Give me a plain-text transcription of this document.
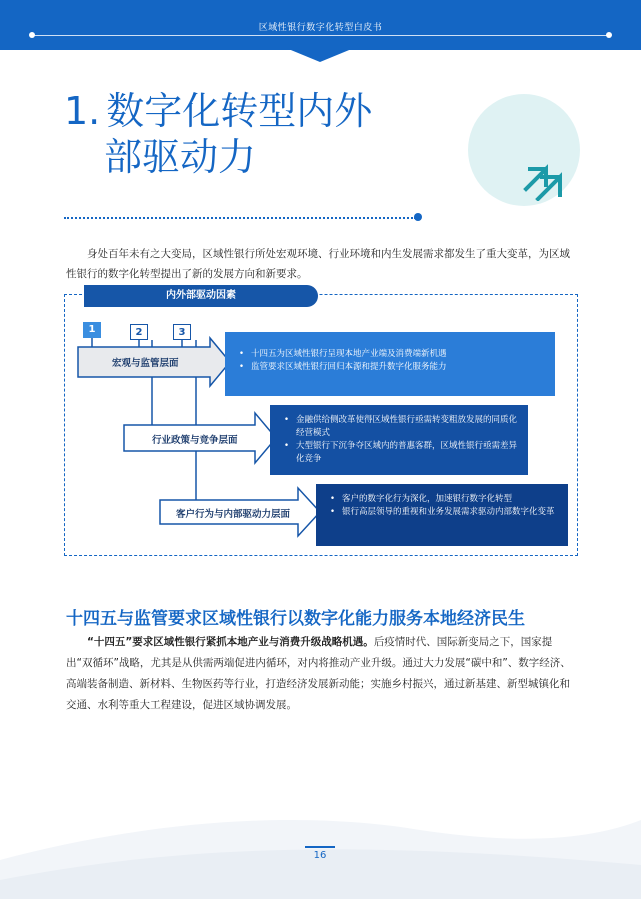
区域性银行数字化转型白皮书
1. 数字化转型内外
部驱动力

身处百年未有之大变局，区域性银行所处宏观环境、行业环境和内生发展需求都发生了重大变革，为区域性银行的数字化转型提出了新的发展方向和新要求。

内外部驱动因素
1	2	3
宏观与监管层面
行业政策与竞争层面
客户行为与内部驱动力层面
• 十四五为区域性银行呈现本地产业端及消费端新机遇
• 监管要求区域性银行回归本源和提升数字化服务能力
• 金融供给侧改革使得区域性银行亟需转变粗放发展的同质化经营模式
• 大型银行下沉争夺区域内的普惠客群，区域性银行亟需差异化竞争
• 客户的数字化行为深化，加速银行数字化转型
• 银行高层领导的重视和业务发展需求驱动内部数字化变革
十四五与监管要求区域性银行以数字化能力服务本地经济民生

“十四五”要求区域性银行紧抓本地产业与消费升级战略机遇。后疫情时代、国际新变局之下，国家提出“双循环”战略，尤其是从供需两端促进内循环，对内将推动产业升级。通过大力发展“碳中和”、数字经济、高端装备制造、新材料、生物医药等行业，打造经济发展新动能；实施乡村振兴，通过新基建、新型城镇化和交通、水利等重大工程建设，促进区域协调发展。

16
